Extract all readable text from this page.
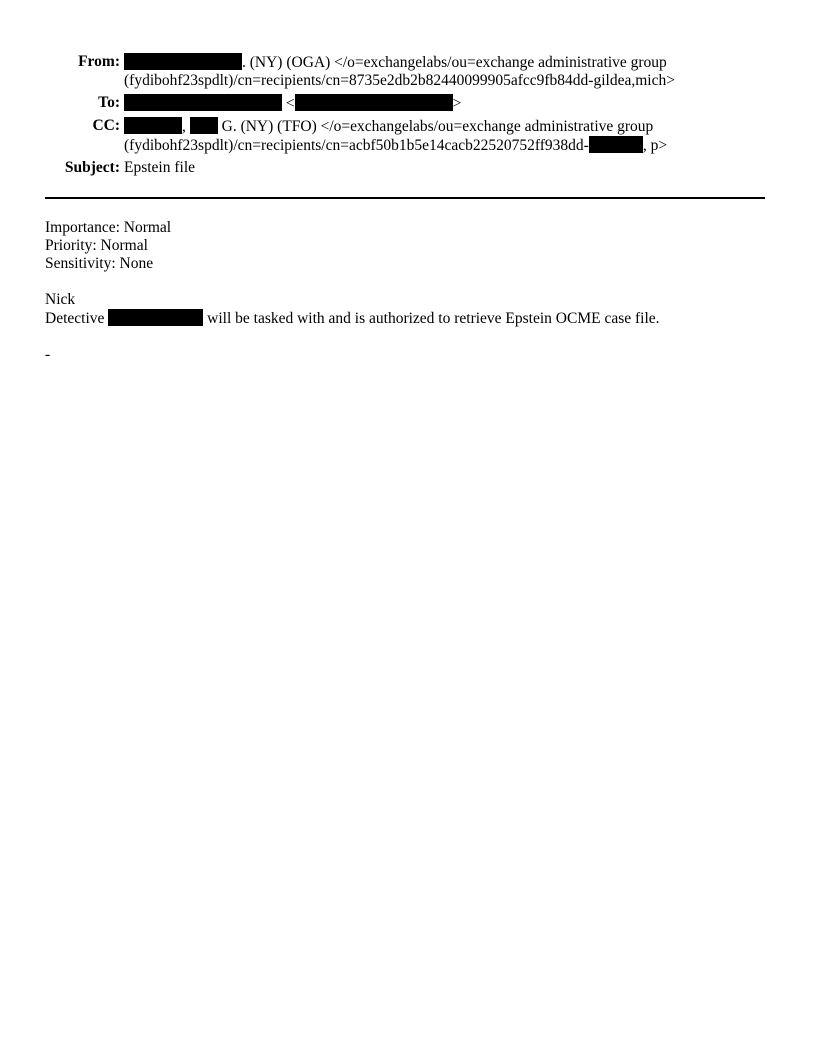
From:	. (NY) (OGA) </o=exchangelabs/ou=exchange administrative group
(fydibohf23spdlt)/cn=recipients/cn=8735e2db2b82440099905afcc9fb84dd-gildea,mich>
To:	<	>
CC:	, G. (NY) (TFO) </o=exchangelabs/ou=exchange administrative group
(fydibohf23spdlt)/cn=recipients/cn=acbf50b1b5e14cacb22520752ff938dd-	, p>
Subject: Epstein file
Importance: Normal
Priority: Normal
Sensitivity: None
Nick
Detective	will be tasked with and is authorized to retrieve Epstein OCME case file.
-
